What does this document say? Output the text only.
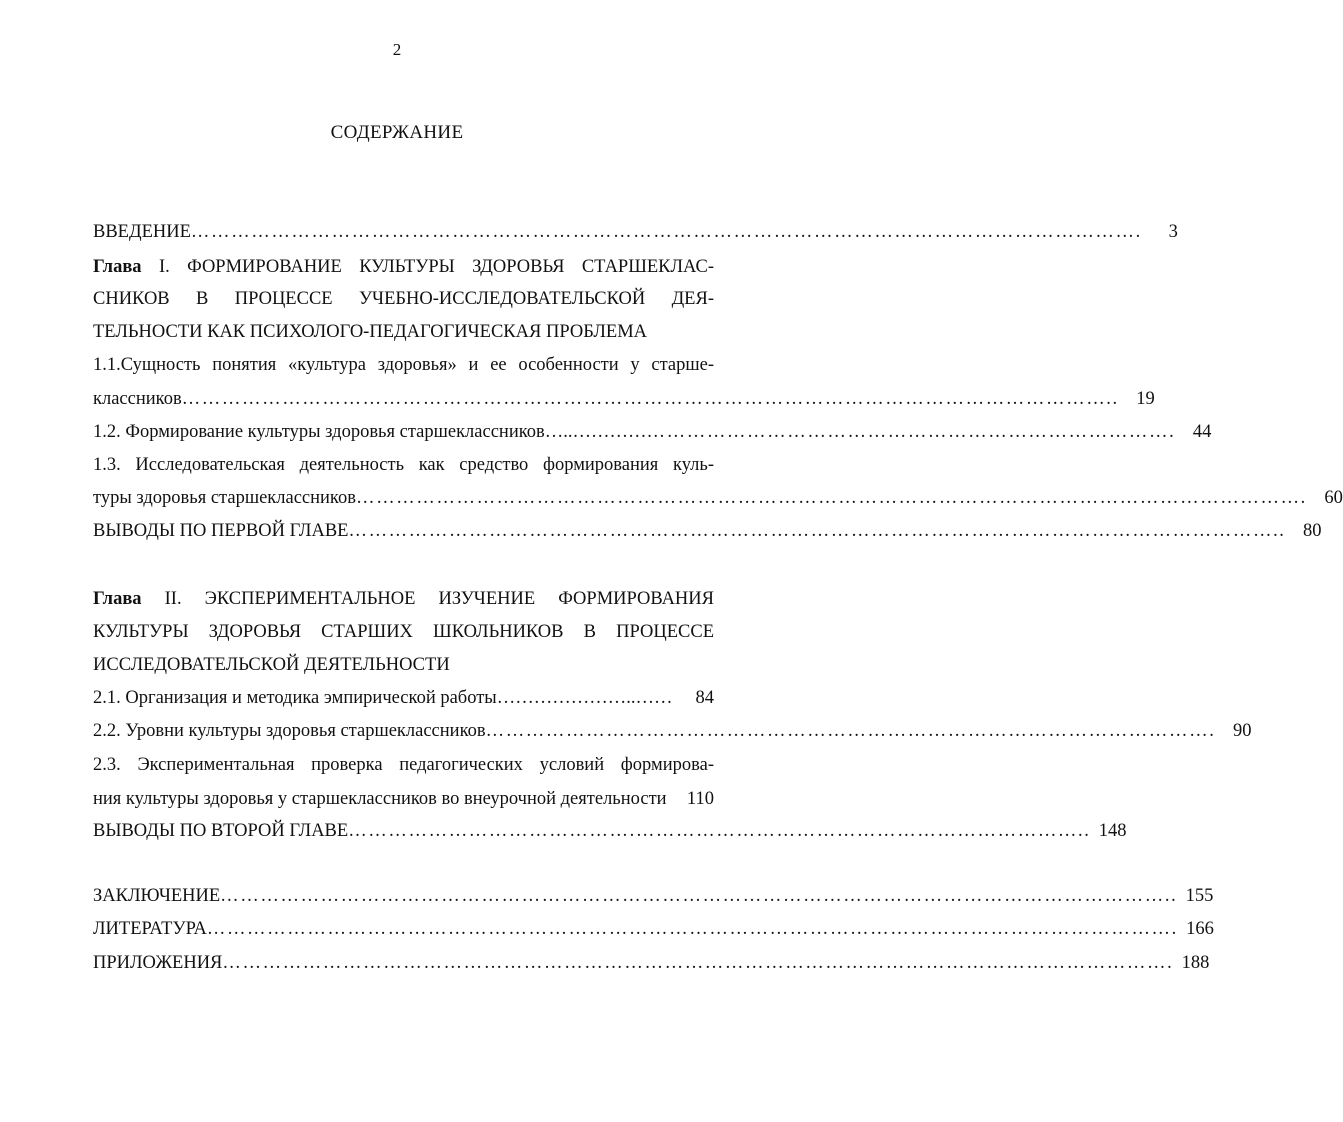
2
СОДЕРЖАНИЕ
ВВЕДЕНИЕ …………………………………………………………………………………………………………………………….	3
Глава I. ФОРМИРОВАНИЕ КУЛЬТУРЫ ЗДОРОВЬЯ СТАРШЕКЛАС-
СНИКОВ В ПРОЦЕССЕ УЧЕБНО-ИССЛЕДОВАТЕЛЬСКОЙ ДЕЯ-
ТЕЛЬНОСТИ КАК ПСИХОЛОГО-ПЕДАГОГИЧЕСКАЯ ПРОБЛЕМА
1.1.Сущность понятия «культура здоровья» и ее особенности у старше-
классников ………………………………………………………………………………………………………………………….. 19
1.2. Формирование культуры здоровья старшеклассников…..………… ……………………………………………………………………. 44
1.3. Исследовательская деятельность как средство формирования куль-
туры здоровья старшеклассников ……………………………………………………………………………………………………………………………. 60
ВЫВОДЫ ПО ПЕРВОЙ ГЛАВЕ ………………………………………………………………………………………………………………………….. 80
Глава II. ЭКСПЕРИМЕНТАЛЬНОЕ ИЗУЧЕНИЕ ФОРМИРОВАНИЯ
КУЛЬТУРЫ ЗДОРОВЬЯ СТАРШИХ ШКОЛЬНИКОВ В ПРОЦЕССЕ
ИССЛЕДОВАТЕЛЬСКОЙ ДЕЯТЕЛЬНОСТИ
2.1. Организация и методика эмпирической работы…………………..……	84
2.2. Уровни культуры здоровья старшеклассников ………………………………………………………………………………………………. 90
2.3. Экспериментальная проверка педагогических условий формирова-
ния культуры здоровья у старшеклассников во внеурочной деятельности 110
ВЫВОДЫ ПО ВТОРОЙ ГЛАВЕ …………………………………….………………………………………………………….. 148
ЗАКЛЮЧЕНИЕ …………………………………………………………………………………………………………………………….. 155
ЛИТЕРАТУРА ………………………………………………………………………………………………………………………………. 166
ПРИЛОЖЕНИЯ ……………………………………………………………………………………………………………………………. 188
